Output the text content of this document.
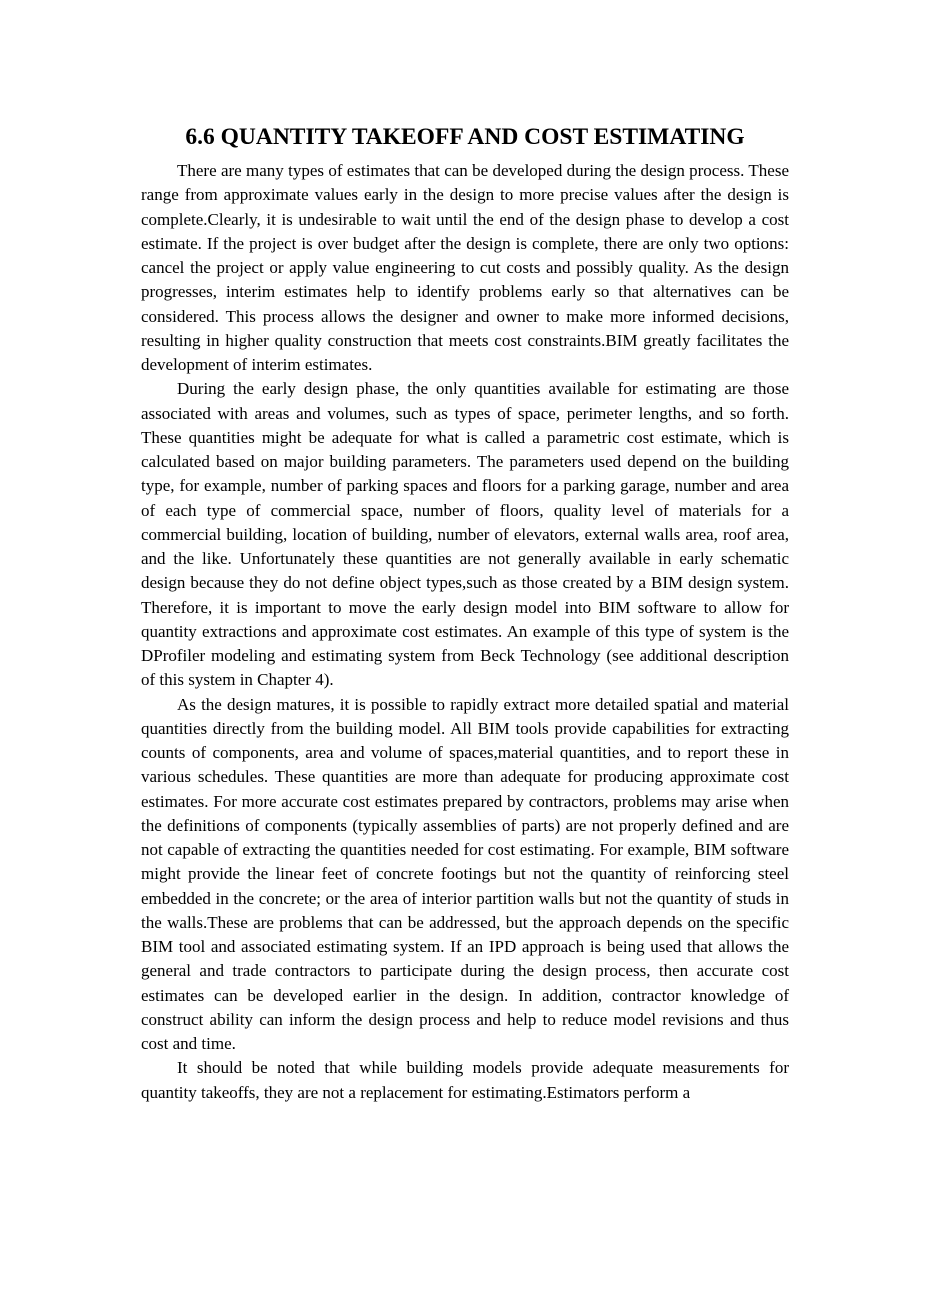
6.6 QUANTITY TAKEOFF AND COST ESTIMATING

There are many types of estimates that can be developed during the design process. These range from approximate values early in the design to more precise values after the design is complete.Clearly, it is undesirable to wait until the end of the design phase to develop a cost estimate. If the project is over budget after the design is complete, there are only two options: cancel the project or apply value engineering to cut costs and possibly quality. As the design progresses, interim estimates help to identify problems early so that alternatives can be considered. This process allows the designer and owner to make more informed decisions, resulting in higher quality construction that meets cost constraints.BIM greatly facilitates the development of interim estimates.

During the early design phase, the only quantities available for estimating are those associated with areas and volumes, such as types of space, perimeter lengths, and so forth. These quantities might be adequate for what is called a parametric cost estimate, which is calculated based on major building parameters. The parameters used depend on the building type, for example, number of parking spaces and floors for a parking garage, number and area of each type of commercial space, number of floors, quality level of materials for a commercial building, location of building, number of elevators, external walls area, roof area, and the like. Unfortunately these quantities are not generally available in early schematic design because they do not define object types,such as those created by a BIM design system. Therefore, it is important to move the early design model into BIM software to allow for quantity extractions and approximate cost estimates. An example of this type of system is the DProfiler modeling and estimating system from Beck Technology (see additional description of this system in Chapter 4).

As the design matures, it is possible to rapidly extract more detailed spatial and material quantities directly from the building model. All BIM tools provide capabilities for extracting counts of components, area and volume of spaces,material quantities, and to report these in various schedules. These quantities are more than adequate for producing approximate cost estimates. For more accurate cost estimates prepared by contractors, problems may arise when the definitions of components (typically assemblies of parts) are not properly defined and are not capable of extracting the quantities needed for cost estimating. For example, BIM software might provide the linear feet of concrete footings but not the quantity of reinforcing steel embedded in the concrete; or the area of interior partition walls but not the quantity of studs in the walls.These are problems that can be addressed, but the approach depends on the specific BIM tool and associated estimating system. If an IPD approach is being used that allows the general and trade contractors to participate during the design process, then accurate cost estimates can be developed earlier in the design. In addition, contractor knowledge of construct ability can inform the design process and help to reduce model revisions and thus cost and time.

It should be noted that while building models provide adequate measurements for quantity takeoffs, they are not a replacement for estimating.Estimators perform a
